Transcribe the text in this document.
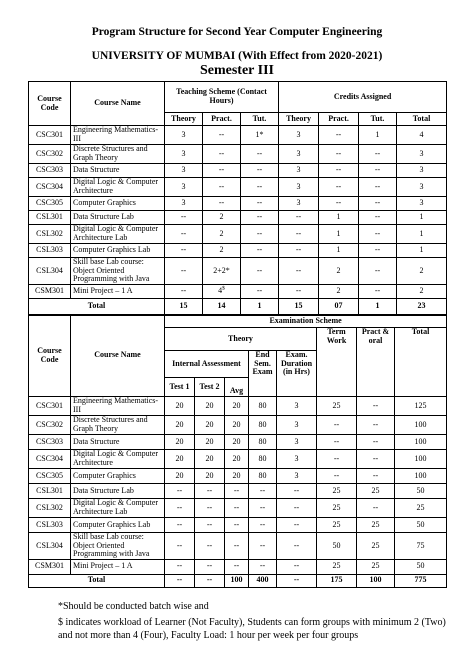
Program Structure for Second Year Computer Engineering
UNIVERSITY OF MUMBAI (With Effect from 2020-2021)
Semester III
Course Code	Course Name	Teaching Scheme (Contact Hours)			Credits Assigned			
		Theory	Pract.	Tut.	Theory	Pract.	Tut.	Total
CSC301	Engineering Mathematics-III	3	--	1*	3	--	1	4
CSC302	Discrete Structures and Graph Theory	3	--	--	3	--	--	3
CSC303	Data Structure	3	--	--	3	--	--	3
CSC304	Digital Logic & Computer Architecture	3	--	--	3	--	--	3
CSC305	Computer Graphics	3	--	--	3	--	--	3
CSL301	Data Structure Lab	--	2	--	--	1	--	1
CSL302	Digital Logic & Computer Architecture Lab	--	2	--	--	1	--	1
CSL303	Computer Graphics Lab	--	2	--	--	1	--	1
CSL304	Skill base Lab course: Object Oriented Programming with Java	--	2+2*	--	--	2	--	2
CSM301	Mini Project – 1 A	--	4$	--	--	2	--	2
Total		15	14	1	15	07	1	23
Course Code	Course Name	Examination Scheme							
		Theory					Term Work	Pract & oral	Total
		Internal Assessment			End Sem. Exam	Exam. Duration (in Hrs)			
		Test 1	Test 2	Avg					
CSC301	Engineering Mathematics-III	20	20	20	80	3	25	--	125
CSC302	Discrete Structures and Graph Theory	20	20	20	80	3	--	--	100
CSC303	Data Structure	20	20	20	80	3	--	--	100
CSC304	Digital Logic & Computer Architecture	20	20	20	80	3	--	--	100
CSC305	Computer Graphics	20	20	20	80	3	--	--	100
CSL301	Data Structure Lab	--	--	--	--	--	25	25	50
CSL302	Digital Logic & Computer Architecture Lab	--	--	--	--	--	25	--	25
CSL303	Computer Graphics Lab	--	--	--	--	--	25	25	50
CSL304	Skill base Lab course: Object Oriented Programming with Java	--	--	--	--	--	50	25	75
CSM301	Mini Project – 1 A	--	--	--	--	--	25	25	50
Total		--	--	100	400	--	175	100	775
*Should be conducted batch wise and
$ indicates workload of Learner (Not Faculty), Students can form groups with minimum 2 (Two) and not more than 4 (Four), Faculty Load: 1 hour per week per four groups
